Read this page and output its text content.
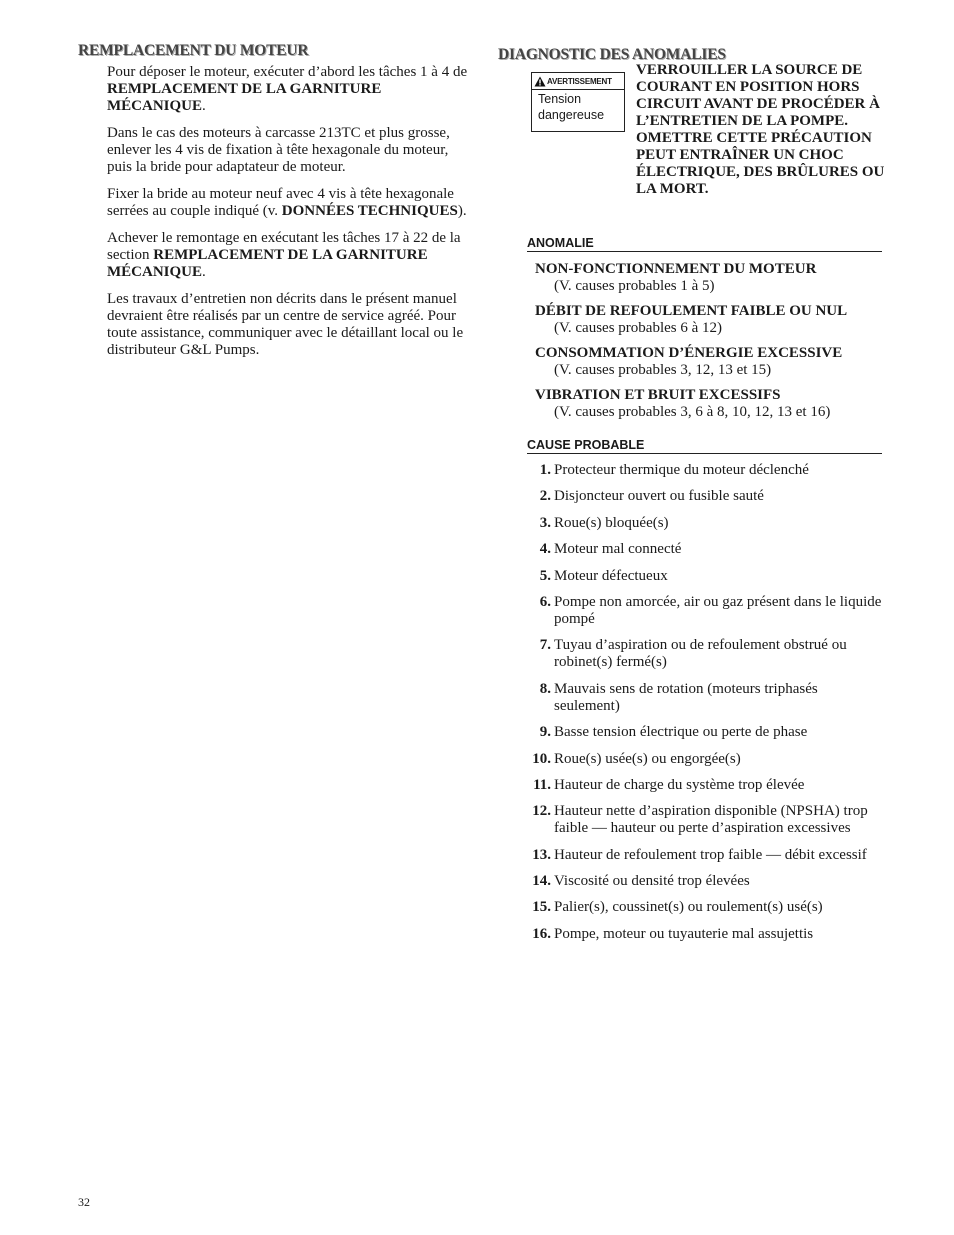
REMPLACEMENT DU MOTEUR

Pour déposer le moteur, exécuter d’abord les tâches 1 à 4 de REMPLACEMENT DE LA GARNITURE MÉCANIQUE.

Dans le cas des moteurs à carcasse 213TC et plus grosse, enlever les 4 vis de fixation à tête hexagonale du moteur, puis la bride pour adaptateur de moteur.

Fixer la bride au moteur neuf avec 4 vis à tête hexagonale serrées au couple indiqué (v. DONNÉES TECHNIQUES).

Achever le remontage en exécutant les tâches 17 à 22 de la section REMPLACEMENT DE LA GARNITURE MÉCANIQUE.

Les travaux d’entretien non décrits dans le présent manuel devraient être réalisés par un centre de service agréé. Pour toute assistance, communiquer avec le détaillant local ou le distributeur G&L Pumps.

DIAGNOSTIC DES ANOMALIES
AVERTISSEMENT
Tension dangereuse
VERROUILLER LA SOURCE DE COURANT EN POSITION HORS CIRCUIT AVANT DE PROCÉDER À L’ENTRETIEN DE LA POMPE. OMETTRE CETTE PRÉCAUTION PEUT ENTRAÎNER UN CHOC ÉLECTRIQUE, DES BRÛLURES OU LA MORT.
ANOMALIE
NON-FONCTIONNEMENT DU MOTEUR
(V. causes probables 1 à 5)
DÉBIT DE REFOULEMENT FAIBLE OU NUL
(V. causes probables 6 à 12)
CONSOMMATION D’ÉNERGIE EXCESSIVE
(V. causes probables 3, 12, 13 et 15)
VIBRATION ET BRUIT EXCESSIFS
(V. causes probables 3, 6 à 8, 10, 12, 13 et 16)
CAUSE PROBABLE
1. Protecteur thermique du moteur déclenché
2. Disjoncteur ouvert ou fusible sauté
3. Roue(s) bloquée(s)
4. Moteur mal connecté
5. Moteur défectueux
6. Pompe non amorcée, air ou gaz présent dans le liquide pompé
7. Tuyau d’aspiration ou de refoulement obstrué ou robinet(s) fermé(s)
8. Mauvais sens de rotation (moteurs triphasés seulement)
9. Basse tension électrique ou perte de phase
10. Roue(s) usée(s) ou engorgée(s)
11. Hauteur de charge du système trop élevée
12. Hauteur nette d’aspiration disponible (NPSHA) trop faible — hauteur ou perte d’aspiration excessives
13. Hauteur de refoulement trop faible — débit excessif
14. Viscosité ou densité trop élevées
15. Palier(s), coussinet(s) ou roulement(s) usé(s)
16. Pompe, moteur ou tuyauterie mal assujettis
32
